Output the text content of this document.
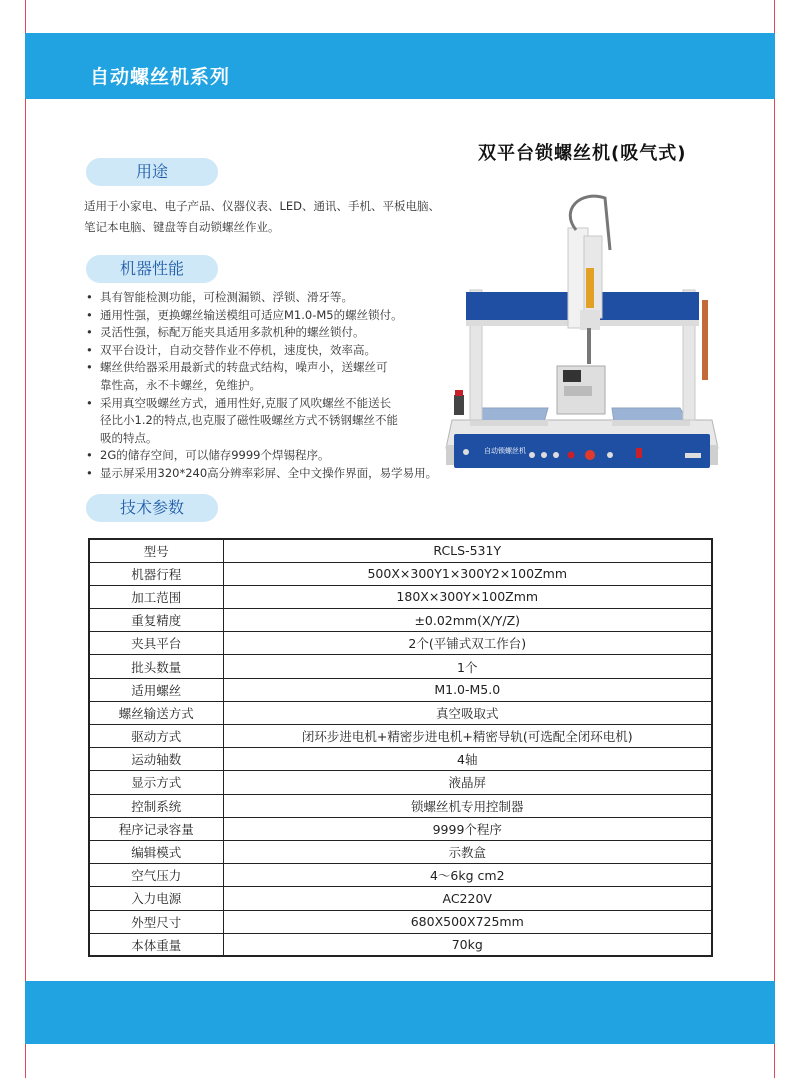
自动螺丝机系列
双平台锁螺丝机(吸气式)
用途
适用于小家电、电子产品、仪器仪表、LED、通讯、手机、平板电脑、
笔记本电脑、键盘等自动锁螺丝作业。
机器性能
• 具有智能检测功能，可检测漏锁、浮锁、滑牙等。
• 通用性强，更换螺丝输送模组可适应M1.0-M5的螺丝锁付。
• 灵活性强，标配万能夹具适用多款机种的螺丝锁付。
• 双平台设计，自动交替作业不停机，速度快，效率高。
• 螺丝供给器采用最新式的转盘式结构，噪声小，送螺丝可
靠性高，永不卡螺丝，免维护。
• 采用真空吸螺丝方式，通用性好,克服了风吹螺丝不能送长
径比小1.2的特点,也克服了磁性吸螺丝方式不锈钢螺丝不能
吸的特点。
• 2G的储存空间，可以储存9999个焊锡程序。
• 显示屏采用320*240高分辨率彩屏、全中文操作界面，易学易用。
自动锁螺丝机
技术参数
型号	RCLS-531Y
机器行程	500X×300Y1×300Y2×100Zmm
加工范围	180X×300Y×100Zmm
重复精度	±0.02mm(X/Y/Z)
夹具平台	2个(平铺式双工作台)
批头数量	1个
适用螺丝	M1.0-M5.0
螺丝输送方式	真空吸取式
驱动方式	闭环步进电机+精密步进电机+精密导轨(可选配全闭环电机)
运动轴数	4轴
显示方式	液晶屏
控制系统	锁螺丝机专用控制器
程序记录容量	9999个程序
编辑模式	示教盒
空气压力	4～6kg cm2
入力电源	AC220V
外型尺寸	680X500X725mm
本体重量	70kg
